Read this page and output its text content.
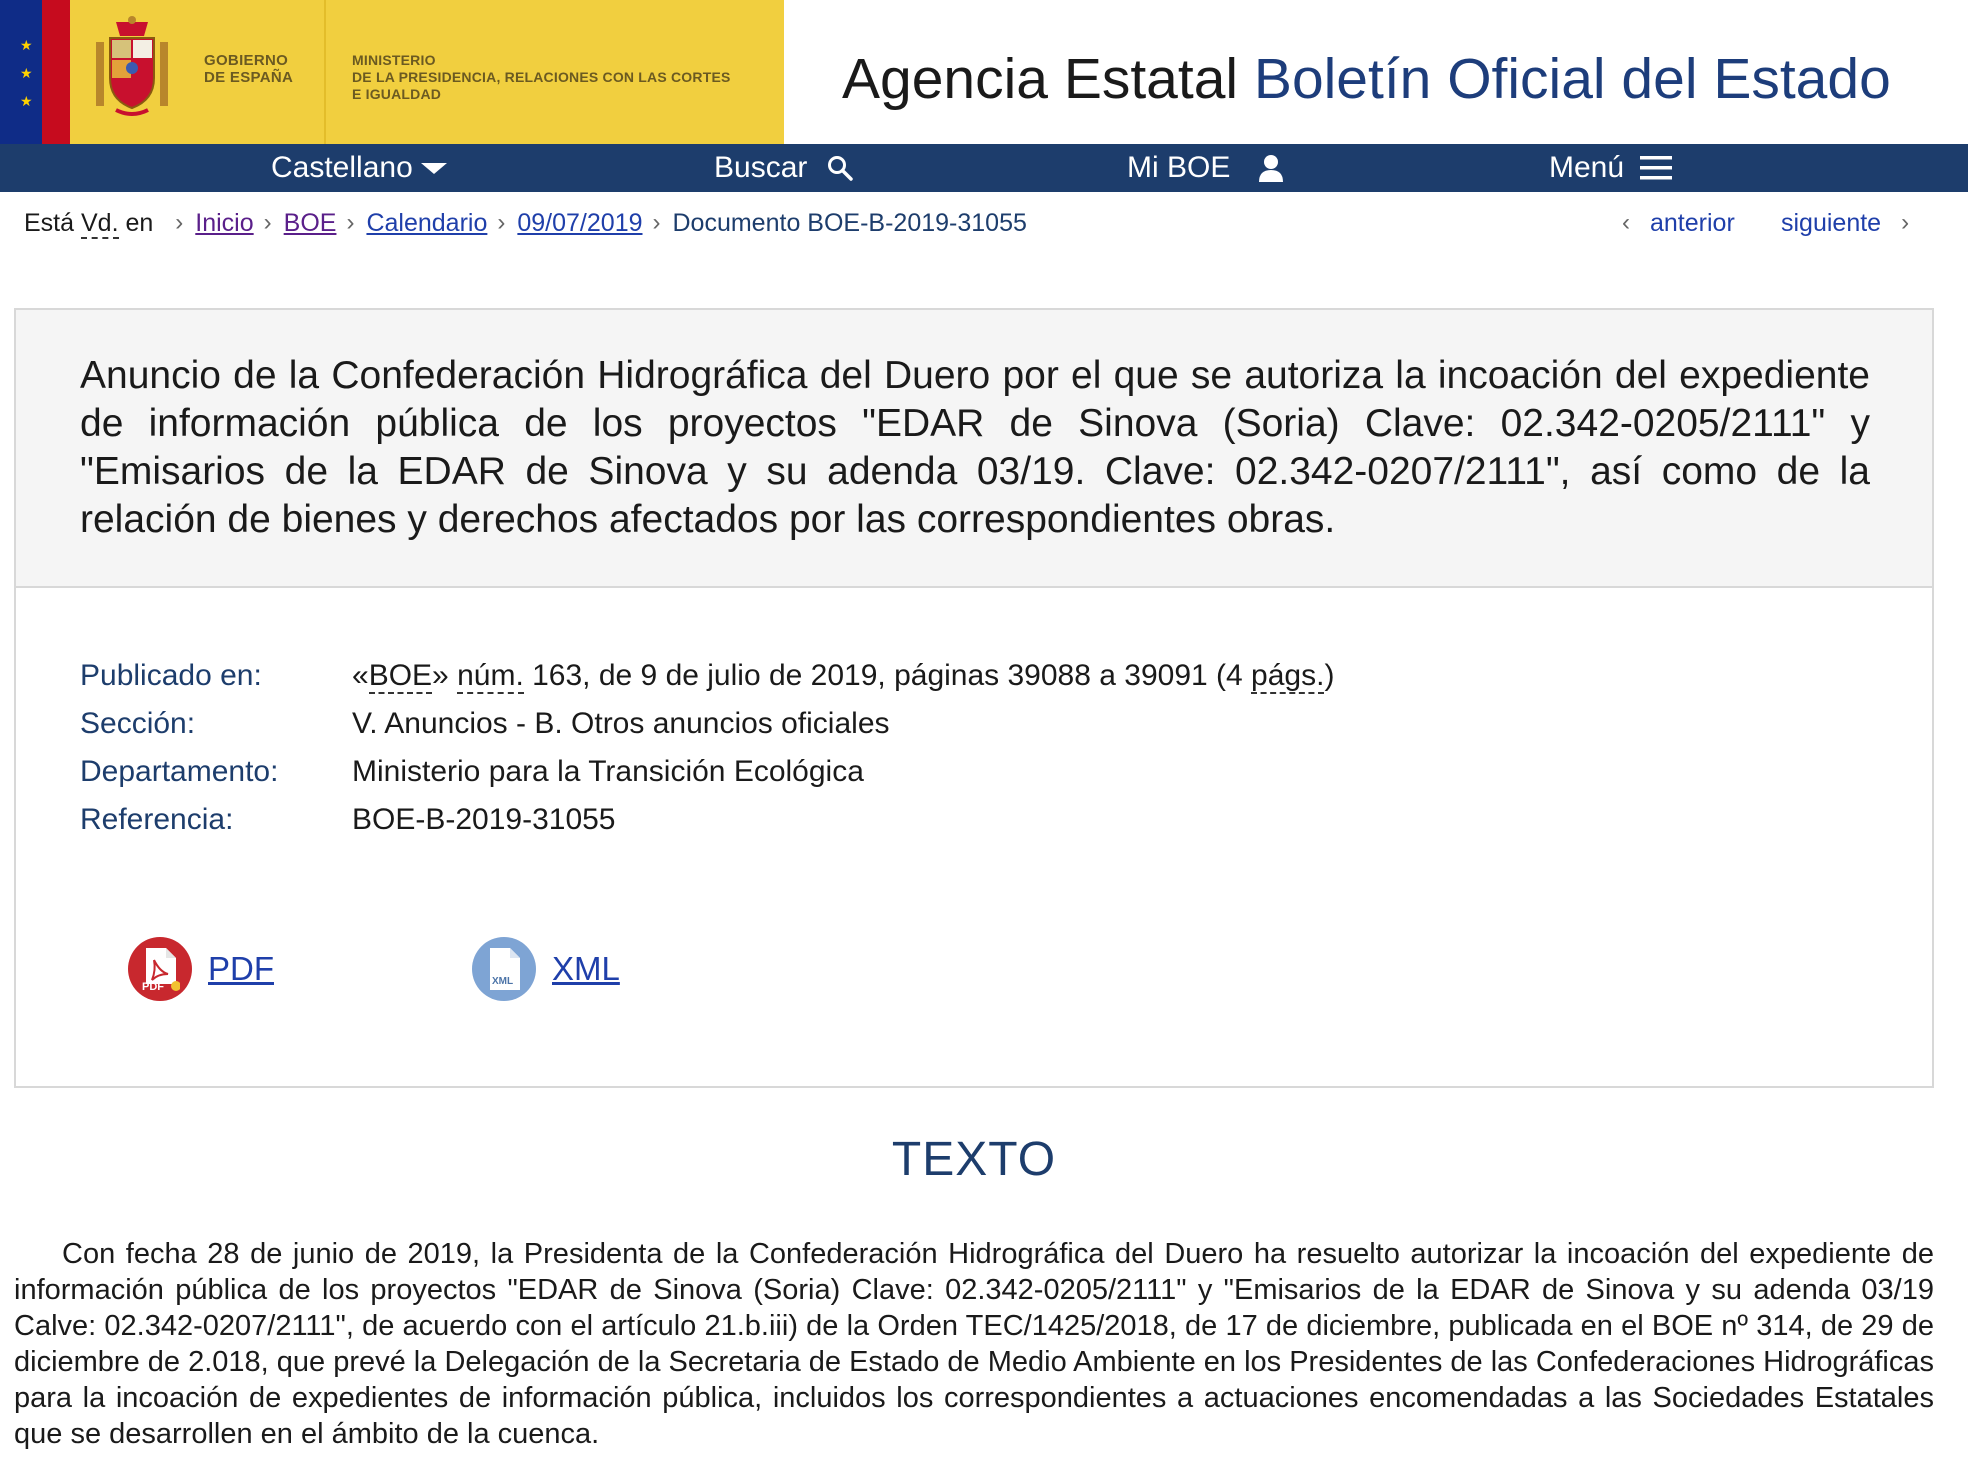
★
★
★
GOBIERNO
DE ESPAÑA
MINISTERIO
DE LA PRESIDENCIA, RELACIONES CON LAS CORTES
E IGUALDAD	Agencia Estatal Boletín Oficial del Estado
Castellano	Buscar	Mi BOE	Menú
Está Vd. en › Inicio › BOE › Calendario › 09/07/2019 › Documento BOE-B-2019-31055	‹ anterior siguiente ›
Anuncio de la Confederación Hidrográfica del Duero por el que se autoriza la incoación del expediente de información pública de los proyectos "EDAR de Sinova (Soria) Clave: 02.342-0205/2111" y "Emisarios de la EDAR de Sinova y su adenda 03/19. Clave: 02.342-0207/2111", así como de la relación de bienes y derechos afectados por las correspondientes obras.
Publicado en:	«BOE» núm. 163, de 9 de julio de 2019, páginas 39088 a 39091 (4 págs.)
Sección:	V. Anuncios - B. Otros anuncios oficiales
Departamento:	Ministerio para la Transición Ecológica
Referencia:	BOE-B-2019-31055
PDF PDF	XML XML
TEXTO

Con fecha 28 de junio de 2019, la Presidenta de la Confederación Hidrográfica del Duero ha resuelto autorizar la incoación del expediente de información pública de los proyectos "EDAR de Sinova (Soria) Clave: 02.342-0205/2111" y "Emisarios de la EDAR de Sinova y su adenda 03/19 Calve: 02.342-0207/2111", de acuerdo con el artículo 21.b.iii) de la Orden TEC/1425/2018, de 17 de diciembre, publicada en el BOE nº 314, de 29 de diciembre de 2.018, que prevé la Delegación de la Secretaria de Estado de Medio Ambiente en los Presidentes de las Confederaciones Hidrográficas para la incoación de expedientes de información pública, incluidos los correspondientes a actuaciones encomendadas a las Sociedades Estatales que se desarrollen en el ámbito de la cuenca.
